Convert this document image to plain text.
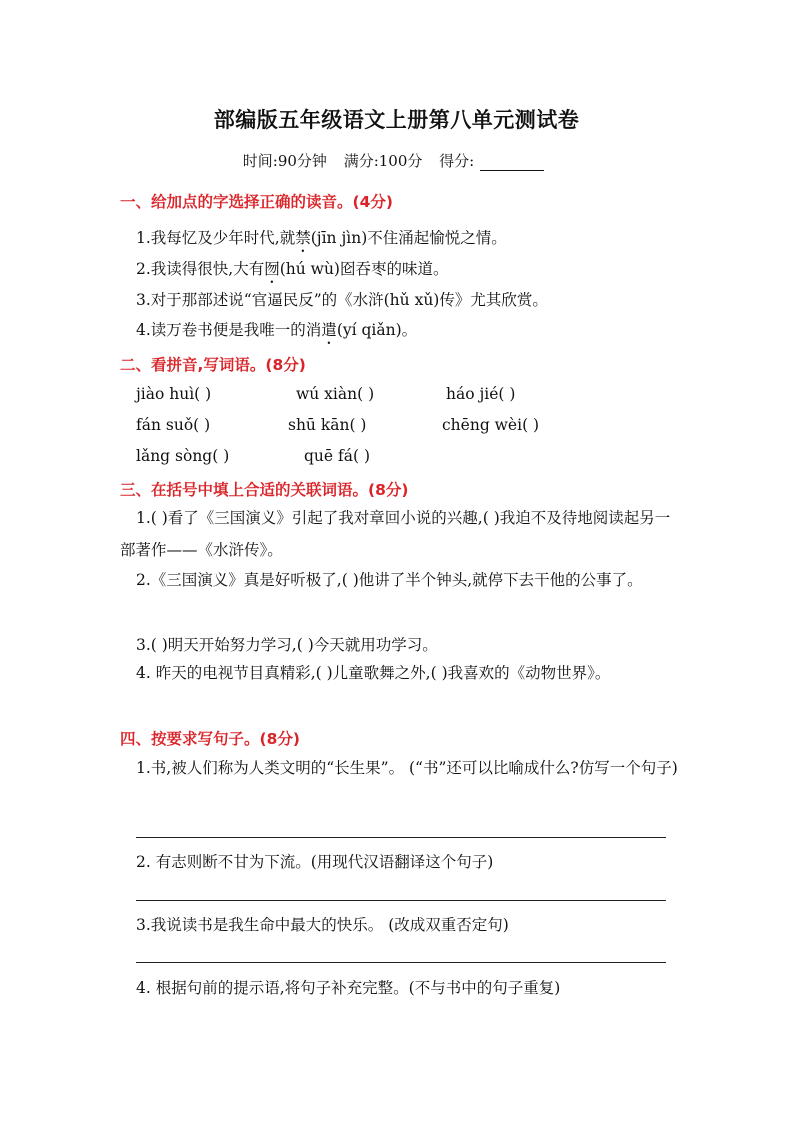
部编版五年级语文上册第八单元测试卷
时间:90分钟 满分:100分 得分:
一、给加点的字选择正确的读音。(4分)
1.我每忆及少年时代,就禁(jīn jìn)不住涌起愉悦之情。
2.我读得很快,大有囫(hú wù)囵吞枣的味道。
3.对于那部述说“官逼民反”的《水浒(hǔ xǔ)传》尤其欣赏。
4.读万卷书便是我唯一的消遣(yí qiǎn)。
二、看拼音,写词语。(8分)
jiào huì( )	wú xiàn( )	háo jié( )
fán suǒ( )	shū kān( )	chēng wèi( )
lǎng sòng( )	quē fá( )
三、在括号中填上合适的关联词语。(8分)
1.( )看了《三国演义》引起了我对章回小说的兴趣,( )我迫不及待地阅读起另一部著作——《水浒传》。
2.《三国演义》真是好听极了,( )他讲了半个钟头,就停下去干他的公事了。
3.( )明天开始努力学习,( )今天就用功学习。
4. 昨天的电视节目真精彩,( )儿童歌舞之外,( )我喜欢的《动物世界》。
四、按要求写句子。(8分)
1.书,被人们称为人类文明的“长生果”。 (“书”还可以比喻成什么?仿写一个句子)
2. 有志则断不甘为下流。(用现代汉语翻译这个句子)
3.我说读书是我生命中最大的快乐。 (改成双重否定句)
4. 根据句前的提示语,将句子补充完整。(不与书中的句子重复)
